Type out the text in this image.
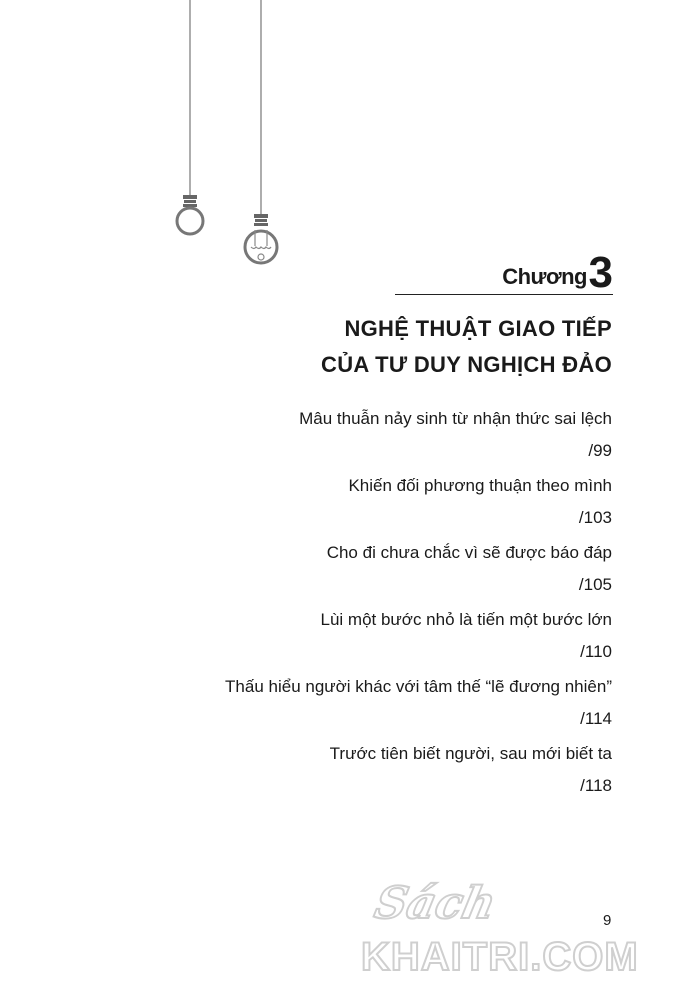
Chương 3
NGHỆ THUẬT GIAO TIẾP
CỦA TƯ DUY NGHỊCH ĐẢO
Mâu thuẫn nảy sinh từ nhận thức sai lệch
/99
Khiến đối phương thuận theo mình
/103
Cho đi chưa chắc vì sẽ được báo đáp
/105
Lùi một bước nhỏ là tiến một bước lớn
/110
Thấu hiểu người khác với tâm thế “lẽ đương nhiên”
/114
Trước tiên biết người, sau mới biết ta
/118
Sách
KHAITRI.COM
9
